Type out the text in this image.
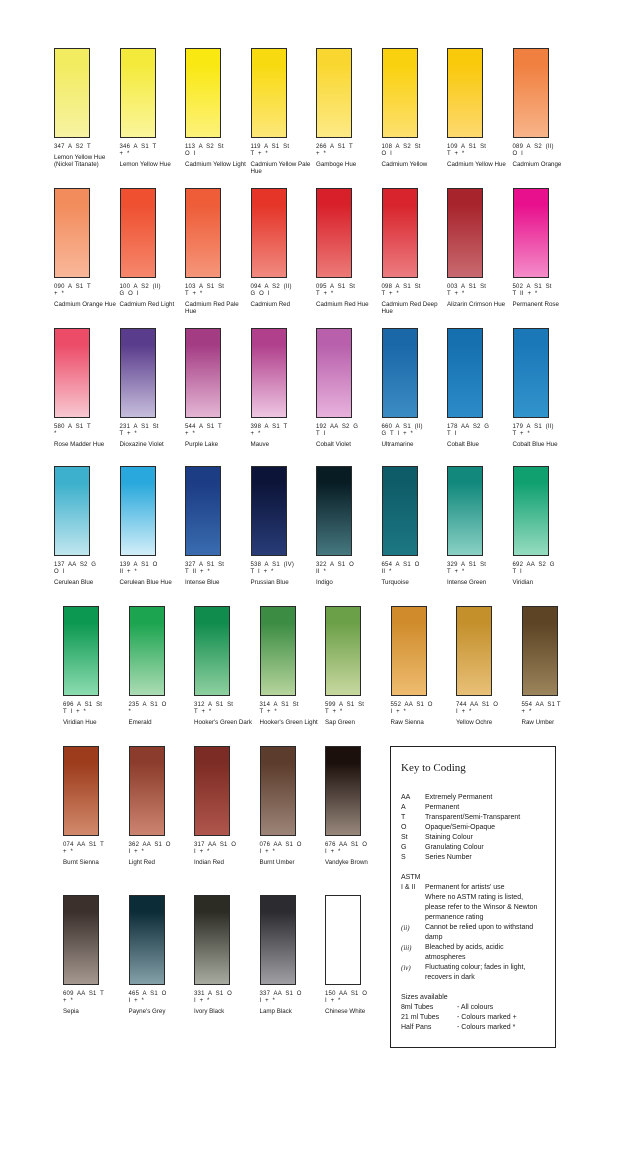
347  A  S2  T
Lemon Yellow Hue (Nickel Titanate)
346  A  S1  T
+  *
Lemon Yellow Hue
113  A  S2  St
O  I
Cadmium Yellow Light
119  A  S1  St
T  +  *
Cadmium Yellow Pale Hue
266  A  S1  T
+  *
Gamboge Hue
108  A  S2  St
O  I
Cadmium Yellow
109  A  S1  St
T  +  *
Cadmium Yellow Hue
089  A  S2  (II)
O  I
Cadmium Orange
090  A  S1  T
+  *
Cadmium Orange Hue
100  A  S2  (II)
G  O  I
Cadmium Red Light
103  A  S1  St
T  +  *
Cadmium Red Pale Hue
094  A  S2  (II)
G  O  I
Cadmium Red
095  A  S1  St
T  +  *
Cadmium Red Hue
098  A  S1  St
T  +  *
Cadmium Red Deep Hue
003  A  S1  St
T  +  *
Alizarin Crimson Hue
502  A  S1  St
T  II  +  *
Permanent Rose
580  A  S1  T
*
Rose Madder Hue
231  A  S1  St
T  +  *
Dioxazine Violet
544  A  S1  T
+  *
Purple Lake
398  A  S1  T
+  *
Mauve
192  AA  S2  G
T  I
Cobalt Violet
660  A  S1  (II)
G  T  I  +  *
Ultramarine
178  AA  S2  G
T  I
Cobalt Blue
179  A  S1  (II)
T  +  *
Cobalt Blue Hue
137  AA  S2  G
O  I
Cerulean Blue
139  A  S1  O
II  +  *
Cerulean Blue Hue
327  A  S1  St
T  II  +  *
Intense Blue
538  A  S1  (IV)
T  I  +  *
Prussian Blue
322  A  S1  O
II  *
Indigo
654  A  S1  O
II  *
Turquoise
329  A  S1  St
T  +  *
Intense Green
692  AA  S2  G
T  I
Viridian
696  A  S1  St
T  I  +  *
Viridian Hue
235  A  S1  O
*
Emerald
312  A  S1  St
T  +  *
Hooker's Green Dark
314  A  S1  St
T  +  *
Hooker's Green Light
599  A  S1  St
T  +  *
Sap Green
552  AA  S1  O
I  +  *
Raw Sienna
744  AA  S1  O
I  +  *
Yellow Ochre
554  AA  S1 T
+  *
Raw Umber
074  AA  S1  T
+  *
Burnt Sienna
362  AA  S1  O
I  +  *
Light Red
317  AA  S1  O
I  +  *
Indian Red
076  AA  S1  O
I  +  *
Burnt Umber
676  AA  S1  O
I  +  *
Vandyke Brown
609  AA  S1  T
+  *
Sepia
465  A  S1  O
I  +  *
Payne's Grey
331  A  S1  O
I  +  *
Ivory Black
337  AA  S1  O
I  +  *
Lamp Black
150  AA  S1  O
I  +  *
Chinese White
Key to Coding
AA	Extremely Permanent
A	Permanent
T	Transparent/Semi-Transparent
O	Opaque/Semi-Opaque
St	Staining Colour
G	Granulating Colour
S	Series Number
ASTM
I & II	Permanent for artists' use
Where no ASTM rating is listed, please refer to the Winsor & Newton permanence rating
(ii)	Cannot be relied upon to withstand damp
(iii)	Bleached by acids, acidic atmospheres
(iv)	Fluctuating colour; fades in light, recovers in dark
Sizes available
8ml Tubes	- All colours
21 ml Tubes	- Colours marked +
Half Pans	- Colours marked *
